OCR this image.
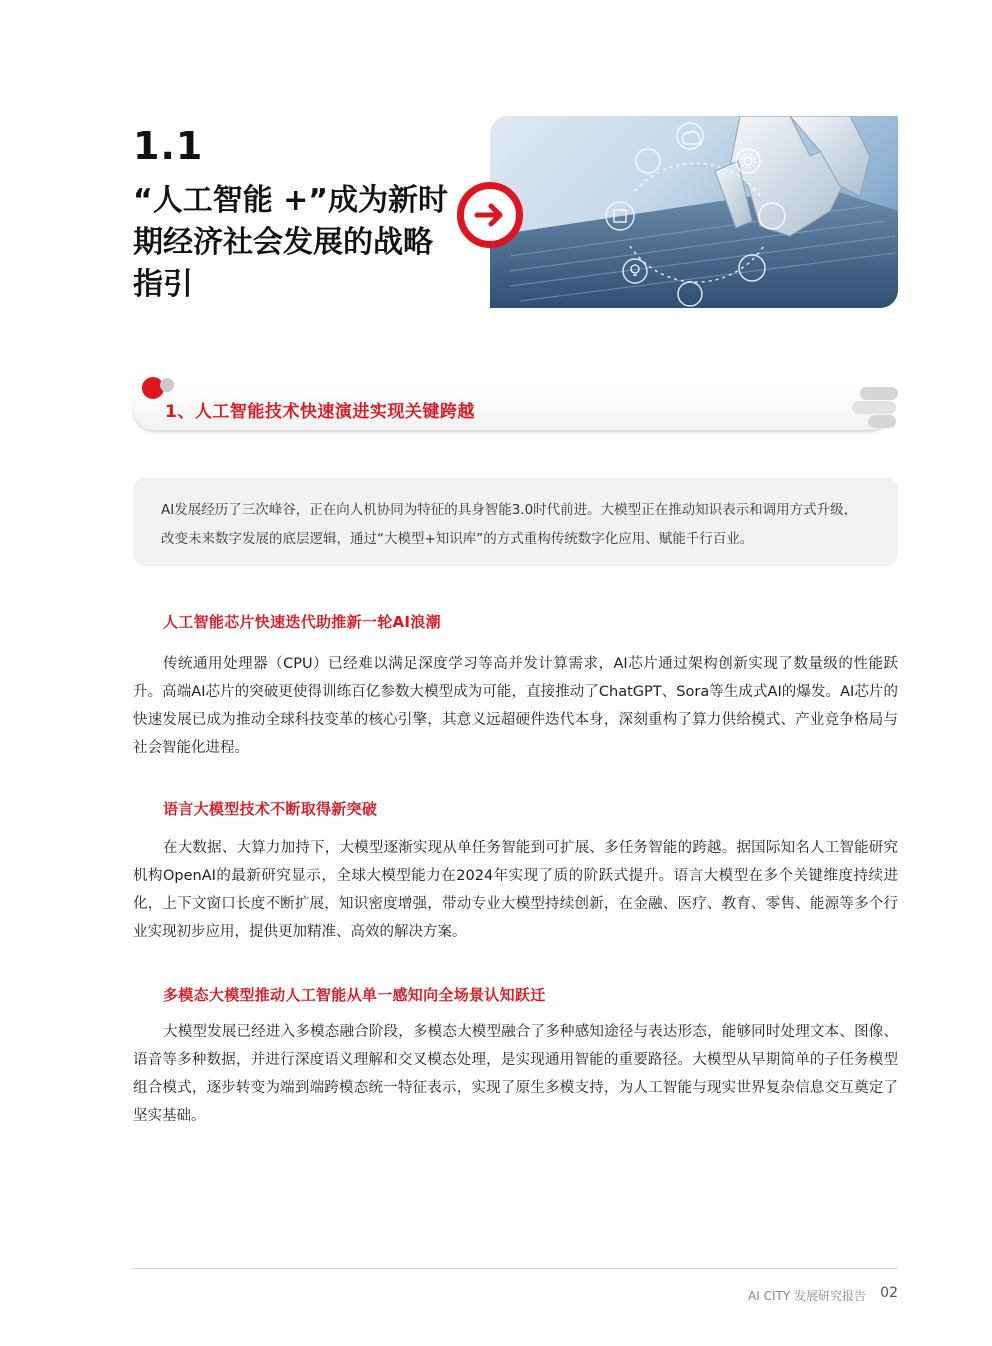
1.1
“人工智能 +”成为新时期经济社会发展的战略指引
1、人工智能技术快速演进实现关键跨越
AI发展经历了三次峰谷，正在向人机协同为特征的具身智能3.0时代前进。大模型正在推动知识表示和调用方式升级，改变未来数字发展的底层逻辑，通过“大模型+知识库”的方式重构传统数字化应用、赋能千行百业。
人工智能芯片快速迭代助推新一轮AI浪潮
传统通用处理器（CPU）已经难以满足深度学习等高并发计算需求，AI芯片通过架构创新实现了数量级的性能跃升。高端AI芯片的突破更使得训练百亿参数大模型成为可能，直接推动了ChatGPT、Sora等生成式AI的爆发。AI芯片的快速发展已成为推动全球科技变革的核心引擎，其意义远超硬件迭代本身，深刻重构了算力供给模式、产业竞争格局与社会智能化进程。
语言大模型技术不断取得新突破
在大数据、大算力加持下，大模型逐渐实现从单任务智能到可扩展、多任务智能的跨越。据国际知名人工智能研究机构OpenAI的最新研究显示，全球大模型能力在2024年实现了质的阶跃式提升。语言大模型在多个关键维度持续进化，上下文窗口长度不断扩展，知识密度增强，带动专业大模型持续创新，在金融、医疗、教育、零售、能源等多个行业实现初步应用，提供更加精准、高效的解决方案。
多模态大模型推动人工智能从单一感知向全场景认知跃迁
大模型发展已经进入多模态融合阶段，多模态大模型融合了多种感知途径与表达形态，能够同时处理文本、图像、语音等多种数据，并进行深度语义理解和交叉模态处理，是实现通用智能的重要路径。大模型从早期简单的子任务模型组合模式，逐步转变为端到端跨模态统一特征表示，实现了原生多模支持，为人工智能与现实世界复杂信息交互奠定了坚实基础。
AI CITY 发展研究报告 02
